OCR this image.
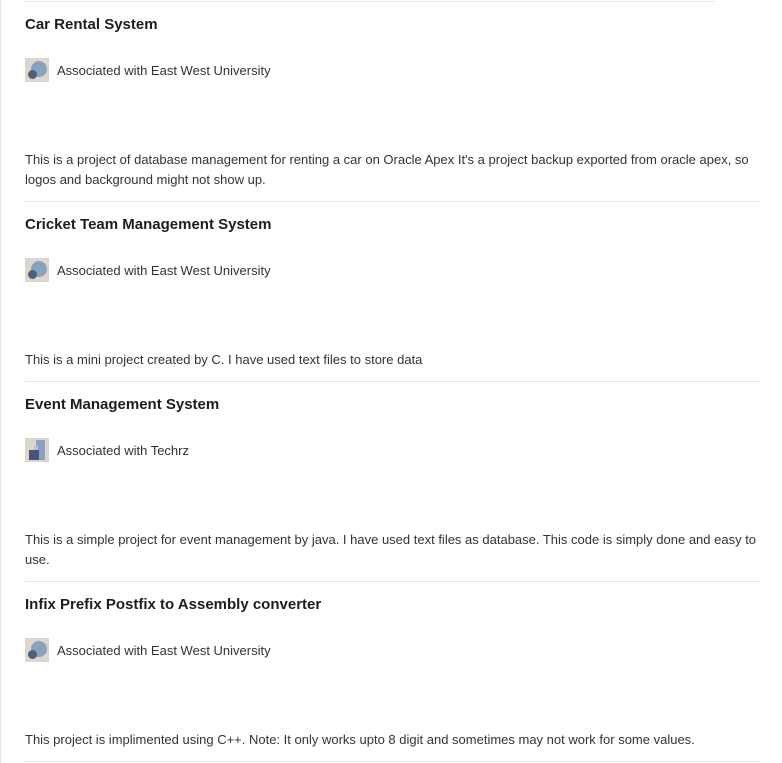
Car Rental System
Associated with East West University
This is a project of database management for renting a car on Oracle Apex It's a project backup exported from oracle apex, so logos and background might not show up.
Cricket Team Management System
Associated with East West University
This is a mini project created by C. I have used text files to store data
Event Management System
Associated with Techrz
This is a simple project for event management by java. I have used text files as database. This code is simply done and easy to use.
Infix Prefix Postfix to Assembly converter
Associated with East West University
This project is implimented using C++. Note: It only works upto 8 digit and sometimes may not work for some values.
